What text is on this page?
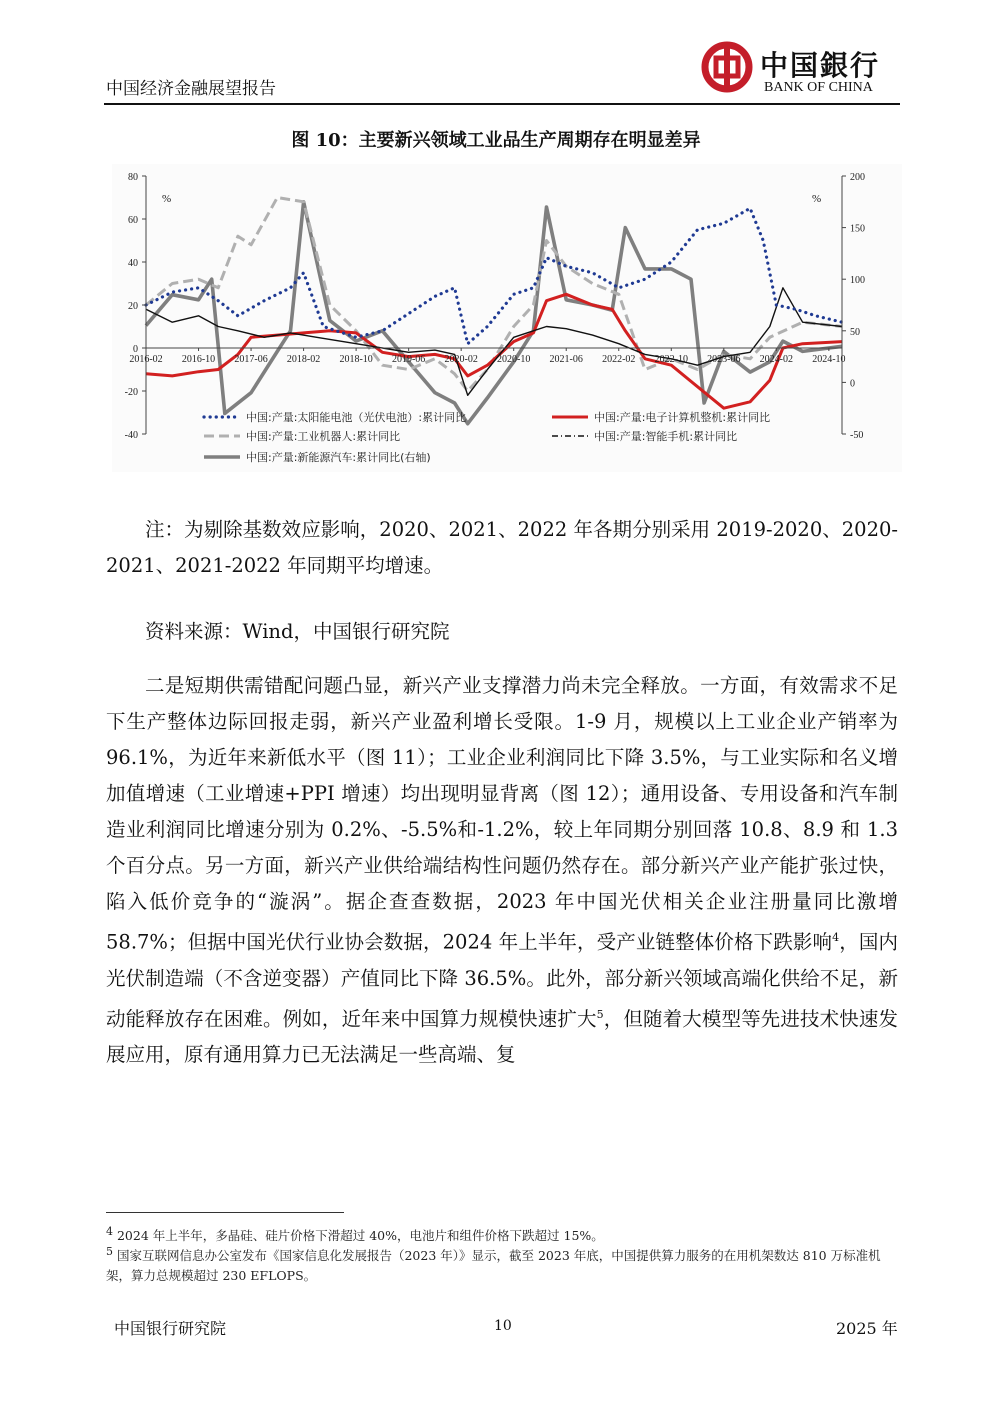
中国经济金融展望报告
中国銀行
BANK OF CHINA
图 10：主要新兴领域工业品生产周期存在明显差异
80
60
40
20
0
-20
-40
200
150
100
50
0
-50
%	%
2016-02 2016-10 2017-06 2018-02 2018-10 2019-06 2020-02 2020-10 2021-06 2022-02 2022-10 2023-06 2024-02 2024-10
中国:产量:太阳能电池（光伏电池）:累计同比	中国:产量:电子计算机整机:累计同比
中国:产量:工业机器人:累计同比	中国:产量:智能手机:累计同比
中国:产量:新能源汽车:累计同比(右轴)
注：为剔除基数效应影响，2020、2021、2022 年各期分别采用 2019-2020、2020-2021、2021-2022 年同期平均增速。
资料来源：Wind，中国银行研究院
二是短期供需错配问题凸显，新兴产业支撑潜力尚未完全释放。一方面，有效需求不足下生产整体边际回报走弱，新兴产业盈利增长受限。1-9 月，规模以上工业企业产销率为 96.1%，为近年来新低水平（图 11）；工业企业利润同比下降 3.5%，与工业实际和名义增加值增速（工业增速+PPI 增速）均出现明显背离（图 12）；通用设备、专用设备和汽车制造业利润同比增速分别为 0.2%、-5.5%和-1.2%，较上年同期分别回落 10.8、8.9 和 1.3 个百分点。另一方面，新兴产业供给端结构性问题仍然存在。部分新兴产业产能扩张过快，陷入低价竞争的“漩涡”。据企查查数据，2023 年中国光伏相关企业注册量同比激增 58.7%；但据中国光伏行业协会数据，2024 年上半年，受产业链整体价格下跌影响$^4$，国内光伏制造端（不含逆变器）产值同比下降 36.5%。此外，部分新兴领域高端化供给不足，新动能释放存在困难。例如，近年来中国算力规模快速扩大$^5$，但随着大模型等先进技术快速发展应用，原有通用算力已无法满足一些高端、复
$^4$ 2024 年上半年，多晶硅、硅片价格下滑超过 40%，电池片和组件价格下跌超过 15%。
$^5$ 国家互联网信息办公室发布《国家信息化发展报告（2023 年）》显示，截至 2023 年底，中国提供算力服务的在用机架数达 810 万标准机架，算力总规模超过 230 EFLOPS。
中国银行研究院	10	2025 年
